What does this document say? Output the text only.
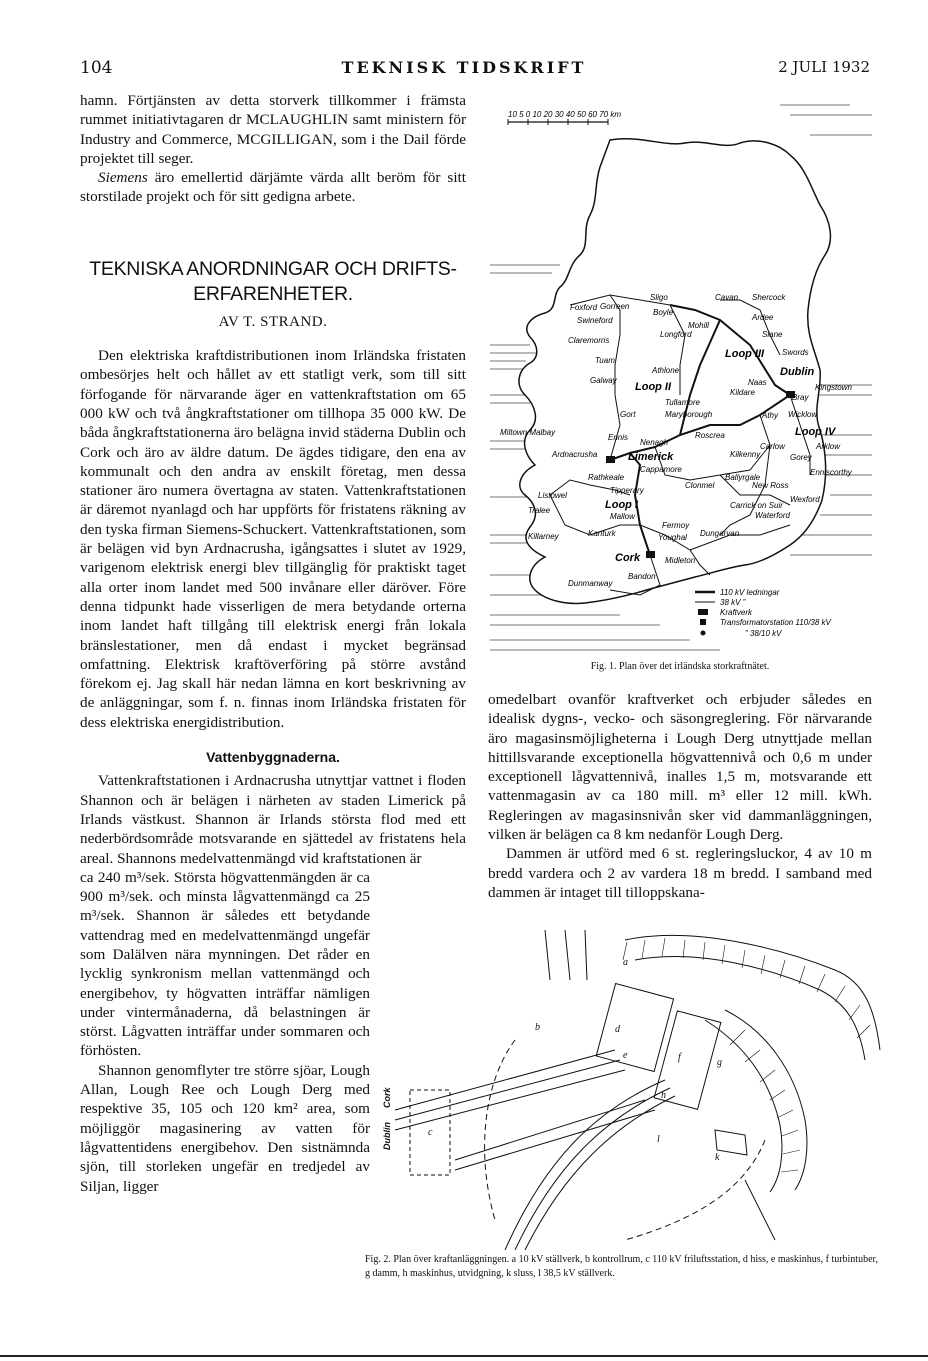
104	TEKNISK TIDSKRIFT	2 JULI 1932

hamn. Förtjänsten av detta storverk tillkommer i främsta rummet initiativtagaren dr MCLAUGHLIN samt ministern för Industry and Commerce, MCGILLIGAN, som i the Dail förde projektet till seger.

Siemens äro emellertid därjämte värda allt beröm för sitt storstilade projekt och för sitt gedigna arbete.

TEKNISKA ANORDNINGAR OCH DRIFTS-ERFARENHETER.
AV T. STRAND.

Den elektriska kraftdistributionen inom Irländska fristaten ombesörjes helt och hållet av ett statligt verk, som till sitt förfogande för närvarande äger en vattenkraftstation om 65 000 kW och två ångkraftstationer om tillhopa 35 000 kW. De båda ångkraftstationerna äro belägna invid städerna Dublin och Cork och äro av äldre datum. De ägdes tidigare, den ena av kommunalt och den andra av enskilt företag, men dessa stationer äro numera övertagna av staten. Vattenkraftstationen är däremot nyanlagd och har uppförts för fristatens räkning av den tyska firman Siemens-Schuckert. Vattenkraftstationen, som är belägen vid byn Ardnacrusha, igångsattes i slutet av 1929, varigenom elektrisk energi blev tillgänglig för praktiskt taget alla orter inom landet med 500 invånare eller däröver. Före denna tidpunkt hade visserligen de mera betydande orterna inom landet haft tillgång till elektrisk energi från lokala bränslestationer, men då endast i mycket begränsad omfattning. Elektrisk kraftöverföring på större avstånd förekom ej. Jag skall här nedan lämna en kort beskrivning av de anläggningar, som f. n. finnas inom Irländska fristaten för dess elektriska energidistribution.

Vattenbyggnaderna.

Vattenkraftstationen i Ardnacrusha utnyttjar vattnet i floden Shannon och är belägen i närheten av staden Limerick på Irlands västkust. Shannon är Irlands största flod med ett nederbördsområde motsvarande en sjättedel av fristatens hela areal. Shannons medelvattenmängd vid kraftstationen är

ca 240 m³/sek. Största högvattenmängden är ca 900 m³/sek. och minsta lågvattenmängd ca 25 m³/sek. Shannon är således ett betydande vattendrag med en medelvattenmängd ungefär som Dalälven nära mynningen. Det råder en lycklig synkronism mellan vattenmängd och energibehov, ty högvatten inträffar nämligen under vintermånaderna, då belastningen är störst. Lågvatten inträffar under sommaren och förhösten.

Shannon genomflyter tre större sjöar, Lough Allan, Lough Ree och Lough Derg med respektive 35, 105 och 120 km² area, som möjliggör magasinering av vatten för lågvattentidens energibehov. Den sistnämnda sjön, till storleken ungefär en tredjedel av Siljan, ligger

10 5 0 10 20 30 40 50 60 70 km
Sligo
Gorreen
Boyle
Cavan Shercock
Foxford
Swineford
Mohill
Ardee
Claremorris
Longford	Slane
Tuam
Athlone
Swords
Galway
Dublin
Kingstown
Naas
Kildare
Bray
Tullamore
Gort	Maryborough	Athy Wicklow
Miltown Malbay
Ennis	Roscrea
Carlow	Arklow
Ardnacrusha
Nenagh
Limerick	Kilkenny	Gorey
Cappamore
Rathkeale
Tipperary
Ballyrgale
New Ross
Enniscorthy
Clonmel
Listowel
Tralee
Carrick on Suir
Wexford
Waterford
Mallow
Fermoy
Kanturk
Killarney	Youghal Dungarvan
Cork	Midleton
Bandon
Dunmanway
Loop I
Loop II
Loop III
Loop IV
110 kV ledningar
38 kV ”
Kraftverk
Transformatorstation 110/38 kV
” 38/10 kV
Fig. 1. Plan över det irländska storkraftnätet.

omedelbart ovanför kraftverket och erbjuder således en idealisk dygns-, vecko- och säsongreglering. För närvarande äro magasinsmöjligheterna i Lough Derg utnyttjade mellan hittillsvarande exceptionella högvattennivå och 0,6 m under exceptionell lågvattennivå, inalles 1,5 m, motsvarande ett vattenmagasin av ca 180 mill. m³ eller 12 mill. kWh. Regleringen av magasinsnivån sker vid dammanläggningen, vilken är belägen ca 8 km nedanför Lough Derg.

Dammen är utförd med 6 st. regleringsluckor, 4 av 10 m bredd vardera och 2 av vardera 18 m bredd. I samband med dammen är intaget till tilloppskana-

a
b
c
d
e	f	g
h
k
l
Cork
Dublin
Fig. 2. Plan över kraftanläggningen. a 10 kV ställverk, b kontrollrum, c 110 kV friluftsstation, d hiss, e maskinhus, f turbintuber, g damm, h maskinhus, utvidgning, k sluss, l 38,5 kV ställverk.
